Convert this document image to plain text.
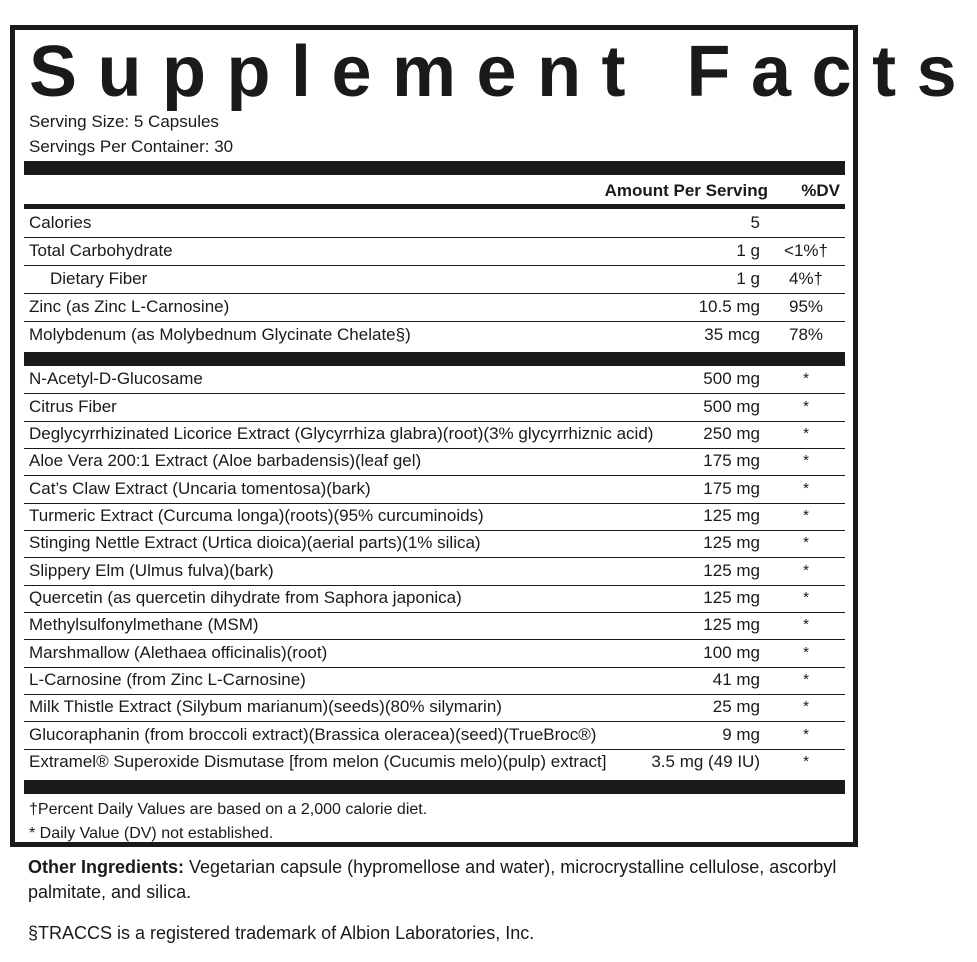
Supplement Facts
Serving Size: 5 Capsules
Servings Per Container: 30
Amount Per Serving %DV
Calories	5
Total Carbohydrate	1 g	<1%†
Dietary Fiber	1 g	4%†
Zinc (as Zinc L-Carnosine)	10.5 mg	95%
Molybdenum (as Molybednum Glycinate Chelate§)	35 mcg	78%
N-Acetyl-D-Glucosame	500 mg	*
Citrus Fiber	500 mg	*
Deglycyrrhizinated Licorice Extract (Glycyrrhiza glabra)(root)(3% glycyrrhiznic acid)	250 mg	*
Aloe Vera 200:1 Extract (Aloe barbadensis)(leaf gel)	175 mg	*
Cat’s Claw Extract (Uncaria tomentosa)(bark)	175 mg	*
Turmeric Extract (Curcuma longa)(roots)(95% curcuminoids)	125 mg	*
Stinging Nettle Extract (Urtica dioica)(aerial parts)(1% silica)	125 mg	*
Slippery Elm (Ulmus fulva)(bark)	125 mg	*
Quercetin (as quercetin dihydrate from Saphora japonica)	125 mg	*
Methylsulfonylmethane (MSM)	125 mg	*
Marshmallow (Alethaea officinalis)(root)	100 mg	*
L-Carnosine (from Zinc L-Carnosine)	41 mg	*
Milk Thistle Extract (Silybum marianum)(seeds)(80% silymarin)	25 mg	*
Glucoraphanin (from broccoli extract)(Brassica oleracea)(seed)(TrueBroc®)	9 mg	*
Extramel® Superoxide Dismutase [from melon (Cucumis melo)(pulp) extract]	3.5 mg (49 IU)	*
†Percent Daily Values are based on a 2,000 calorie diet.
* Daily Value (DV) not established.
Other Ingredients: Vegetarian capsule (hypromellose and water), microcrystalline cellulose, ascorbyl palmitate, and silica.
§TRACCS is a registered trademark of Albion Laboratories, Inc.
